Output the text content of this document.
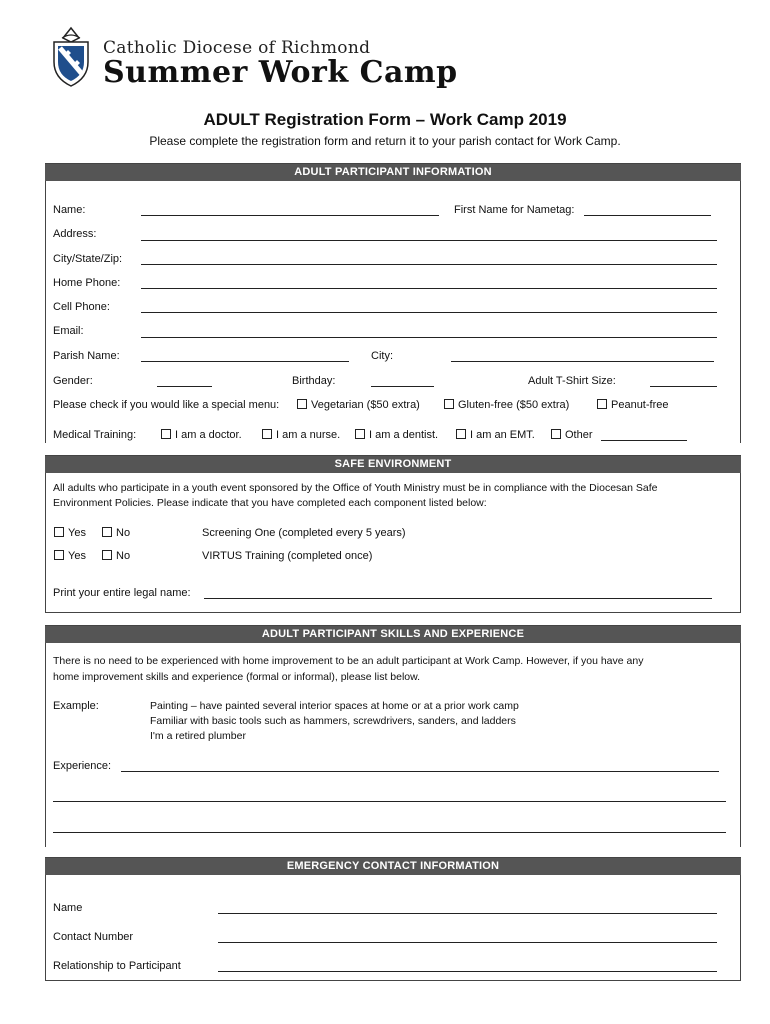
Catholic Diocese of Richmond
Summer Work Camp
ADULT Registration Form – Work Camp 2019
Please complete the registration form and return it to your parish contact for Work Camp.
ADULT PARTICIPANT INFORMATION
Name:	First Name for Nametag:
Address:
City/State/Zip:
Home Phone:
Cell Phone:
Email:
Parish Name:	City:
Gender:	Birthday:	Adult T-Shirt Size:
Please check if you would like a special menu:	Vegetarian ($50 extra)	Gluten-free ($50 extra)	Peanut-free
Medical Training:	I am a doctor.	I am a nurse.	I am a dentist.	I am an EMT.	Other
SAFE ENVIRONMENT
All adults who participate in a youth event sponsored by the Office of Youth Ministry must be in compliance with the Diocesan Safe
Environment Policies. Please indicate that you have completed each component listed below:
Yes	No	Screening One (completed every 5 years)
Yes	No	VIRTUS Training (completed once)
Print your entire legal name:
ADULT PARTICIPANT SKILLS AND EXPERIENCE
There is no need to be experienced with home improvement to be an adult participant at Work Camp. However, if you have any
home improvement skills and experience (formal or informal), please list below.
Example:	Painting – have painted several interior spaces at home or at a prior work camp
Familiar with basic tools such as hammers, screwdrivers, sanders, and ladders
I'm a retired plumber
Experience:
EMERGENCY CONTACT INFORMATION
Name
Contact Number
Relationship to Participant
